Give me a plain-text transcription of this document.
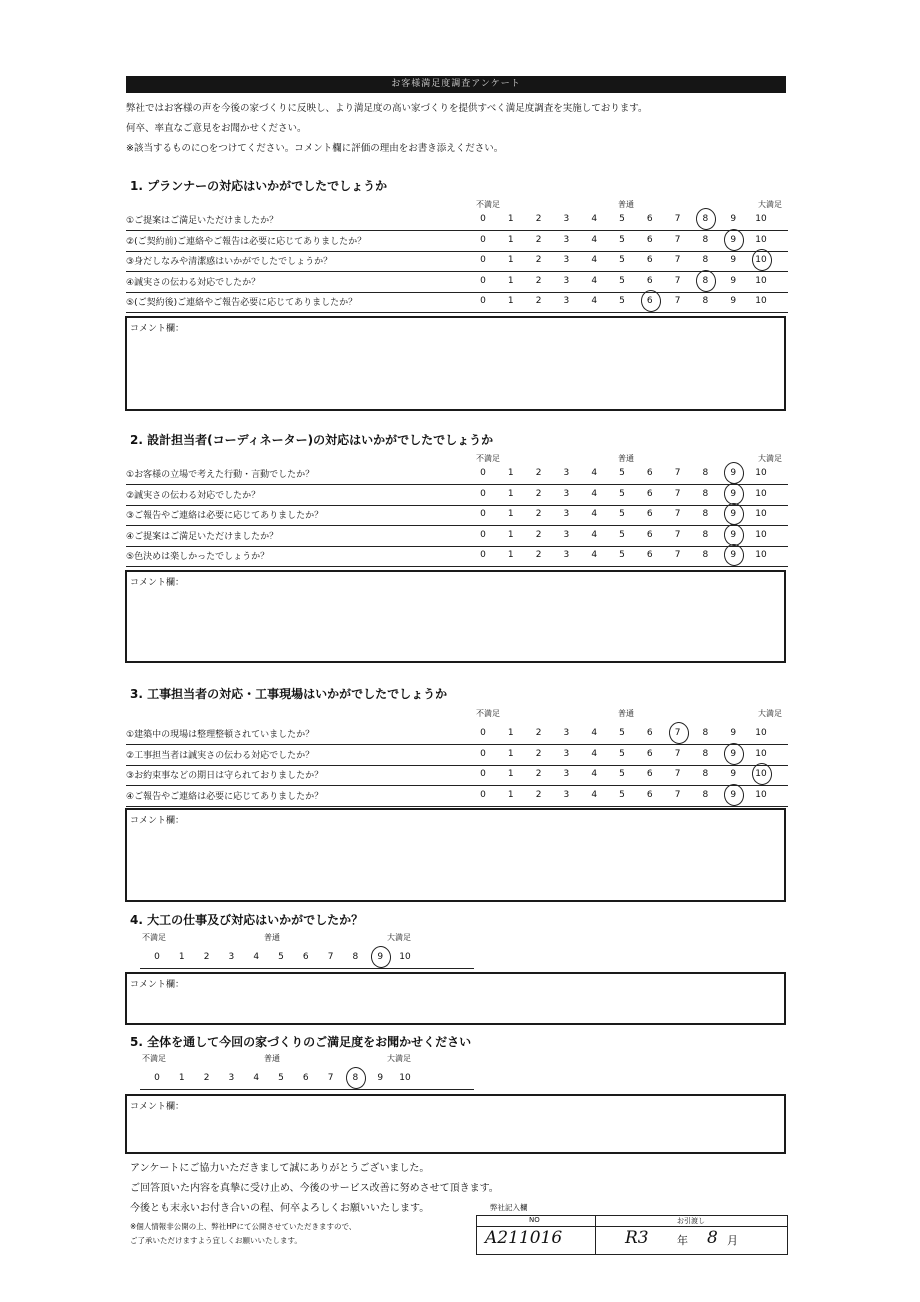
お客様満足度調査アンケート
弊社ではお客様の声を今後の家づくりに反映し、より満足度の高い家づくりを提供すべく満足度調査を実施しております。
何卒、率直なご意見をお聞かせください。
※該当するものに○をつけてください。コメント欄に評価の理由をお書き添えください。
1. プランナーの対応はいかがでしたでしょうか
不満足	普通	大満足
①ご提案はご満足いただけましたか？	0	1	2	3	4	5	6	7	8	9	10
②(ご契約前)ご連絡やご報告は必要に応じてありましたか？	0	1	2	3	4	5	6	7	8	9	10
③身だしなみや清潔感はいかがでしたでしょうか？	0	1	2	3	4	5	6	7	8	9	10
④誠実さの伝わる対応でしたか？	0	1	2	3	4	5	6	7	8	9	10
⑤(ご契約後)ご連絡やご報告必要に応じてありましたか？	0	1	2	3	4	5	6	7	8	9	10
コメント欄：
2. 設計担当者(コーディネーター)の対応はいかがでしたでしょうか
不満足	普通	大満足
①お客様の立場で考えた行動・言動でしたか？	0	1	2	3	4	5	6	7	8	9	10
②誠実さの伝わる対応でしたか？	0	1	2	3	4	5	6	7	8	9	10
③ご報告やご連絡は必要に応じてありましたか？	0	1	2	3	4	5	6	7	8	9	10
④ご提案はご満足いただけましたか？	0	1	2	3	4	5	6	7	8	9	10
⑤色決めは楽しかったでしょうか？	0	1	2	3	4	5	6	7	8	9	10
コメント欄：
3. 工事担当者の対応・工事現場はいかがでしたでしょうか
不満足	普通	大満足
①建築中の現場は整理整頓されていましたか？	0	1	2	3	4	5	6	7	8	9	10
②工事担当者は誠実さの伝わる対応でしたか？	0	1	2	3	4	5	6	7	8	9	10
③お約束事などの期日は守られておりましたか？	0	1	2	3	4	5	6	7	8	9	10
④ご報告やご連絡は必要に応じてありましたか？	0	1	2	3	4	5	6	7	8	9	10
コメント欄：
4. 大工の仕事及び対応はいかがでしたか？
不満足	普通	大満足
0	1	2	3	4	5	6	7	8	9	10
コメント欄：
5. 全体を通して今回の家づくりのご満足度をお聞かせください
不満足	普通	大満足
0	1	2	3	4	5	6	7	8	9	10
コメント欄：
アンケートにご協力いただきまして誠にありがとうございました。
ご回答頂いた内容を真摯に受け止め、今後のサービス改善に努めさせて頂きます。
今後とも末永いお付き合いの程、何卒よろしくお願いいたします。
※個人情報非公開の上、弊社HPにて公開させていただきますので、
ご了承いただけますよう宜しくお願いいたします。
弊社記入欄
NO	お引渡し
A211016	R3	年 8 月
